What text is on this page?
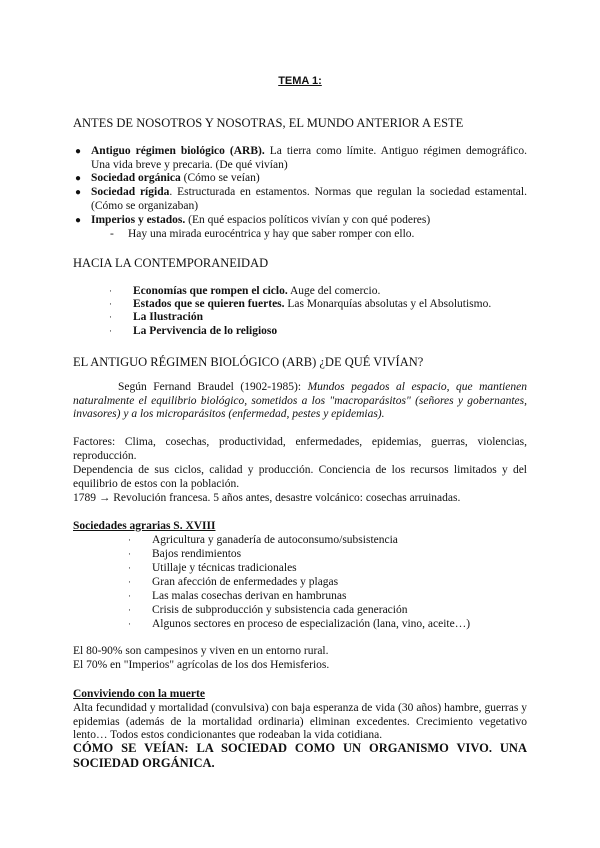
TEMA 1:
ANTES DE NOSOTROS Y NOSOTRAS, EL MUNDO ANTERIOR A ESTE
● Antiguo régimen biológico (ARB). La tierra como límite. Antiguo régimen demográfico. Una vida breve y precaria. (De qué vivían)
● Sociedad orgánica (Cómo se veían)
● Sociedad rígida. Estructurada en estamentos. Normas que regulan la sociedad estamental. (Cómo se organizaban)
● Imperios y estados. (En qué espacios políticos vivían y con qué poderes)
- Hay una mirada eurocéntrica y hay que saber romper con ello.
HACIA LA CONTEMPORANEIDAD
· Economías que rompen el ciclo. Auge del comercio.
· Estados que se quieren fuertes. Las Monarquías absolutas y el Absolutismo.
· La Ilustración
· La Pervivencia de lo religioso
EL ANTIGUO RÉGIMEN BIOLÓGICO (ARB) ¿DE QUÉ VIVÍAN?
Según Fernand Braudel (1902-1985): Mundos pegados al espacio, que mantienen naturalmente el equilibrio biológico, sometidos a los "macroparásitos" (señores y gobernantes, invasores) y a los microparásitos (enfermedad, pestes y epidemias).
Factores: Clima, cosechas, productividad, enfermedades, epidemias, guerras, violencias, reproducción.
Dependencia de sus ciclos, calidad y producción. Conciencia de los recursos limitados y del equilibrio de estos con la población.
1789 → Revolución francesa. 5 años antes, desastre volcánico: cosechas arruinadas.
Sociedades agrarias S. XVIII
· Agricultura y ganadería de autoconsumo/subsistencia
· Bajos rendimientos
· Utillaje y técnicas tradicionales
· Gran afección de enfermedades y plagas
· Las malas cosechas derivan en hambrunas
· Crisis de subproducción y subsistencia cada generación
· Algunos sectores en proceso de especialización (lana, vino, aceite…)
El 80-90% son campesinos y viven en un entorno rural.
El 70% en "Imperios" agrícolas de los dos Hemisferios.
Conviviendo con la muerte
Alta fecundidad y mortalidad (convulsiva) con baja esperanza de vida (30 años) hambre, guerras y epidemias (además de la mortalidad ordinaria) eliminan excedentes. Crecimiento vegetativo lento… Todos estos condicionantes que rodeaban la vida cotidiana.
CÓMO SE VEÍAN: LA SOCIEDAD COMO UN ORGANISMO VIVO. UNA SOCIEDAD ORGÁNICA.
